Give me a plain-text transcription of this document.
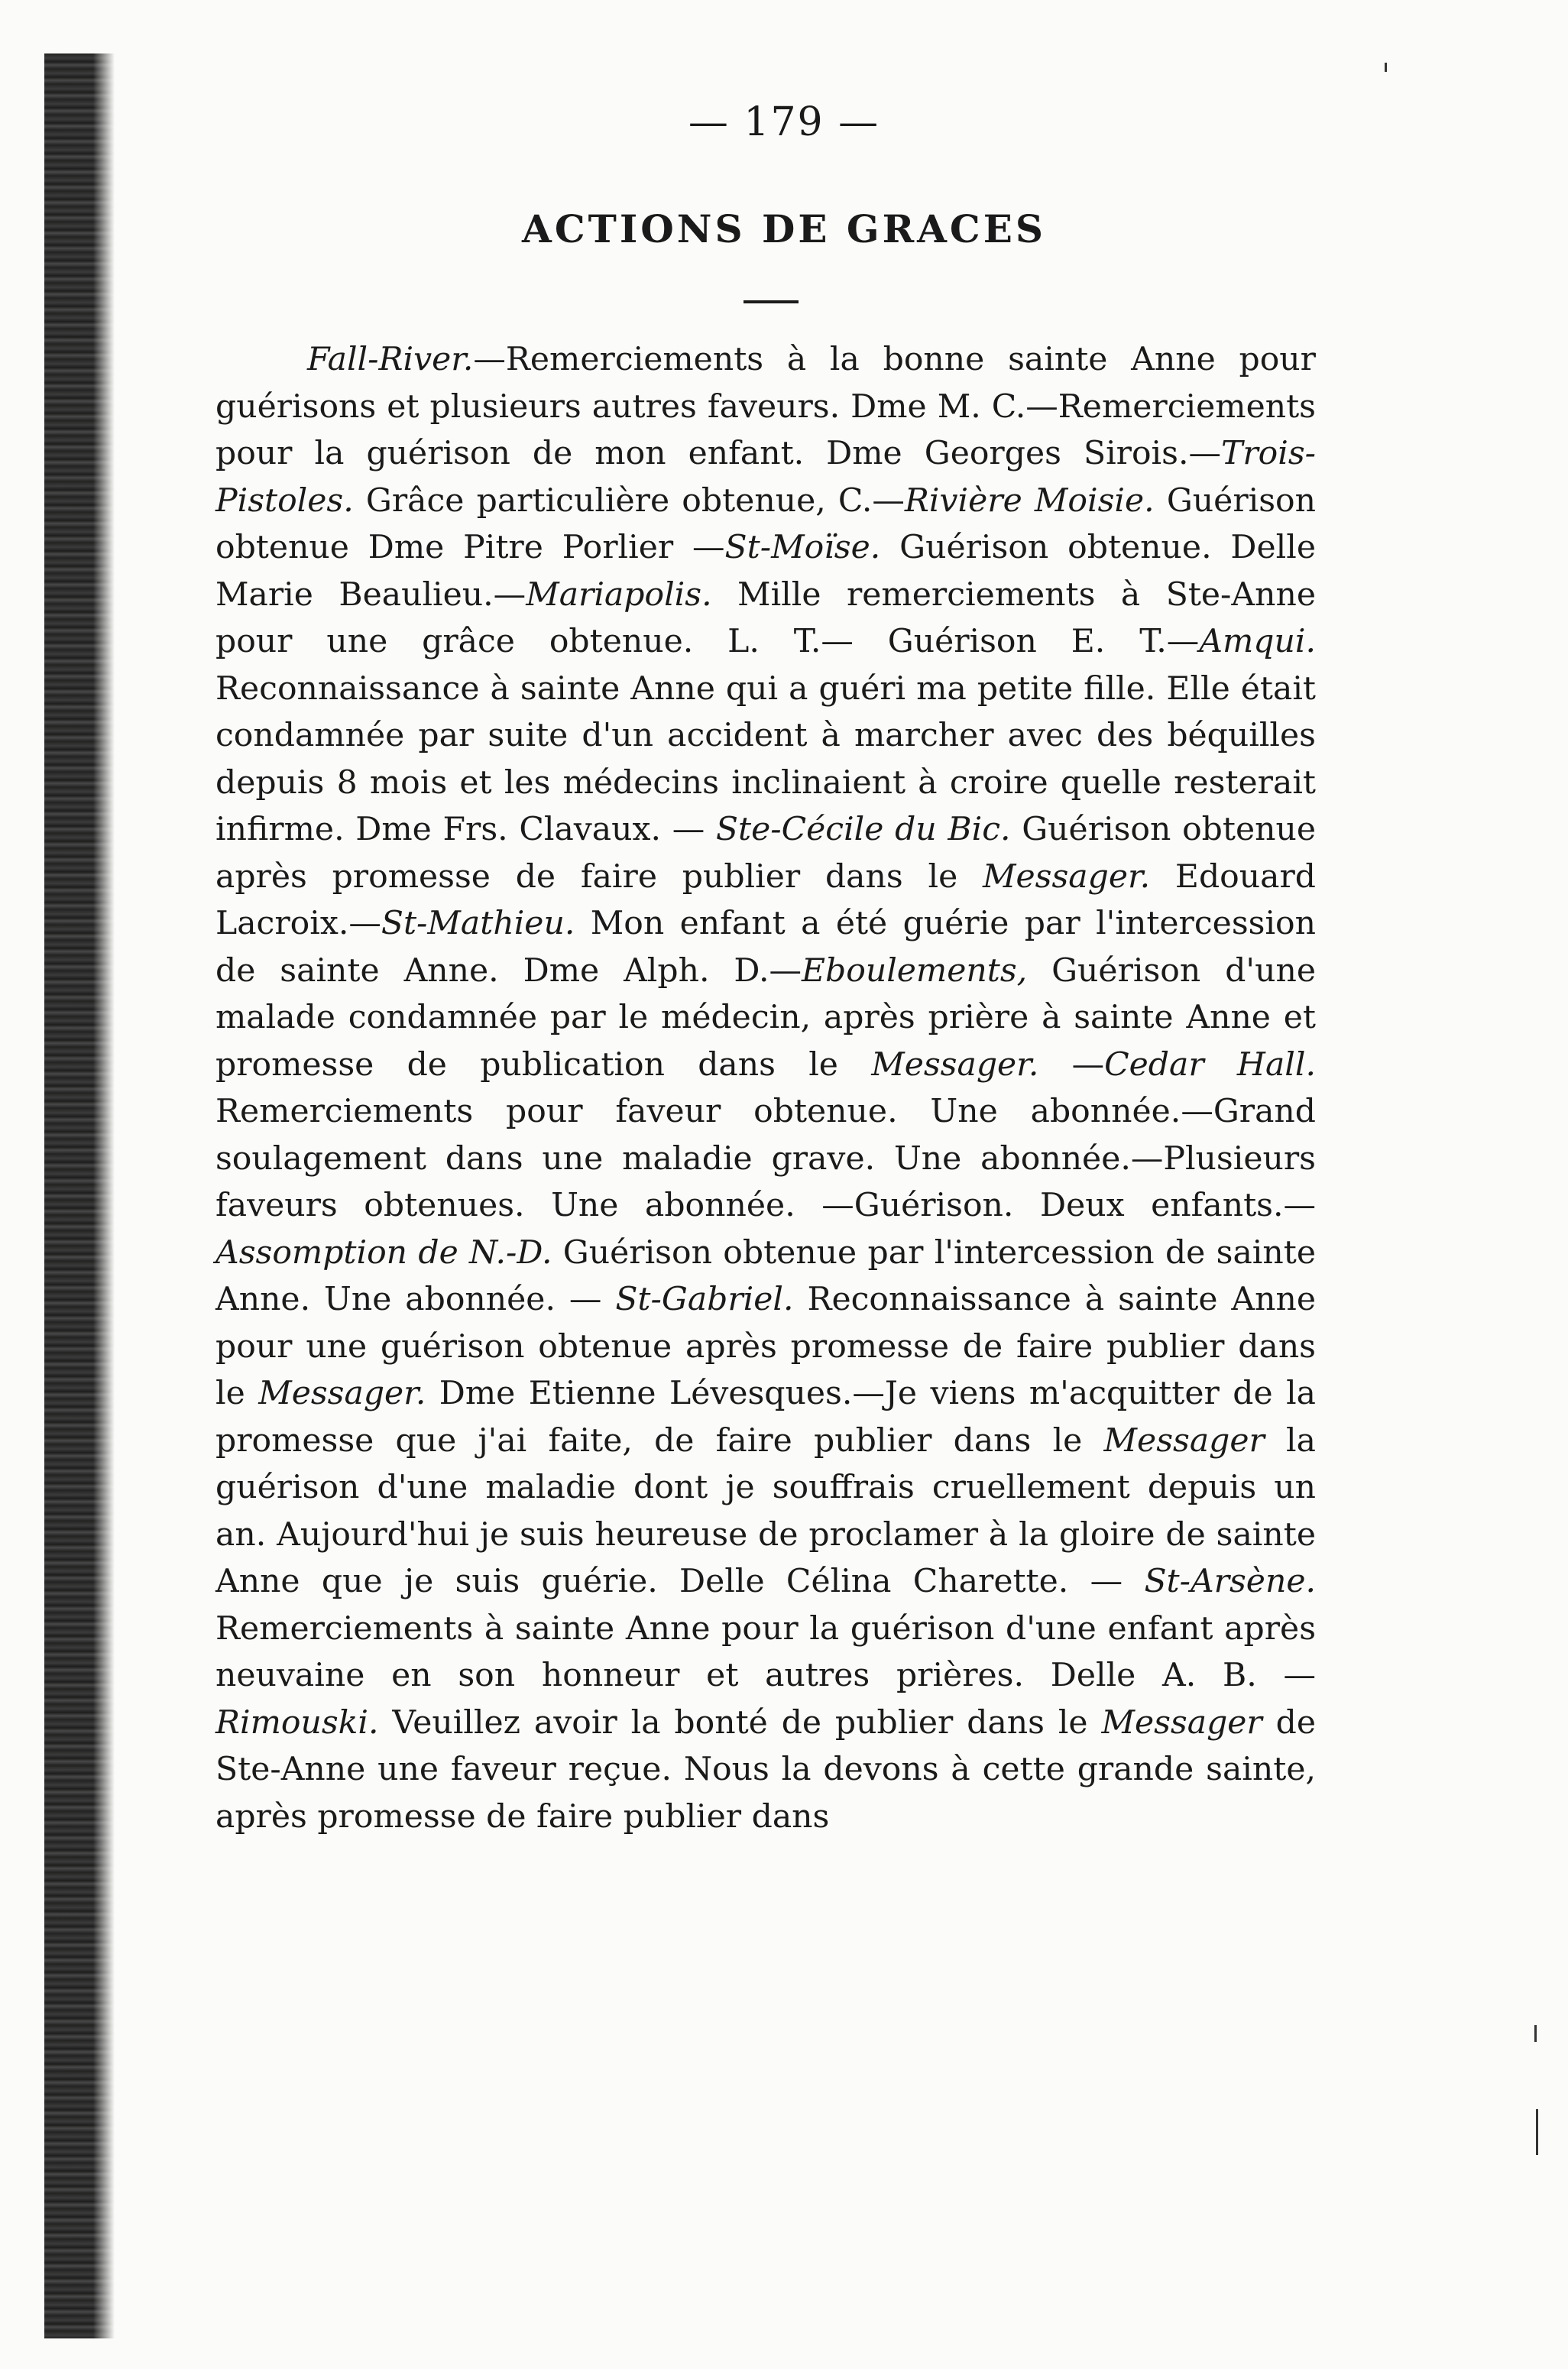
— 179 —
ACTIONS DE GRACES

Fall-River.—Remerciements à la bonne sainte Anne pour guérisons et plusieurs autres faveurs. Dme M. C.—Remerciements pour la guérison de mon enfant. Dme Georges Sirois.—Trois-Pistoles. Grâce particulière obtenue, C.—Rivière Moisie. Guérison obtenue Dme Pitre Porlier —St-Moïse. Guérison obtenue. Delle Marie Beaulieu.—Mariapolis. Mille remerciements à Ste-Anne pour une grâce obtenue. L. T.— Guérison E. T.—Amqui. Reconnaissance à sainte Anne qui a guéri ma petite fille. Elle était condamnée par suite d'un accident à marcher avec des béquilles depuis 8 mois et les médecins inclinaient à croire quelle resterait infirme. Dme Frs. Clavaux. — Ste-Cécile du Bic. Guérison obtenue après promesse de faire publier dans le Messager. Edouard Lacroix.—St-Mathieu. Mon enfant a été guérie par l'intercession de sainte Anne. Dme Alph. D.—Eboulements, Guérison d'une malade condamnée par le médecin, après prière à sainte Anne et promesse de publication dans le Messager. —Cedar Hall. Remerciements pour faveur obtenue. Une abonnée.—Grand soulagement dans une maladie grave. Une abonnée.—Plusieurs faveurs obtenues. Une abonnée. —Guérison. Deux enfants.—Assomption de N.-D. Guérison obtenue par l'intercession de sainte Anne. Une abonnée. — St-Gabriel. Reconnaissance à sainte Anne pour une guérison obtenue après promesse de faire publier dans le Messager. Dme Etienne Lévesques.—Je viens m'acquitter de la promesse que j'ai faite, de faire publier dans le Messager la guérison d'une maladie dont je souffrais cruellement depuis un an. Aujourd'hui je suis heureuse de proclamer à la gloire de sainte Anne que je suis guérie. Delle Célina Charette. — St-Arsène. Remerciements à sainte Anne pour la guérison d'une enfant après neuvaine en son honneur et autres prières. Delle A. B. —Rimouski. Veuillez avoir la bonté de publier dans le Messager de Ste-Anne une faveur reçue. Nous la devons à cette grande sainte, après promesse de faire publier dans
